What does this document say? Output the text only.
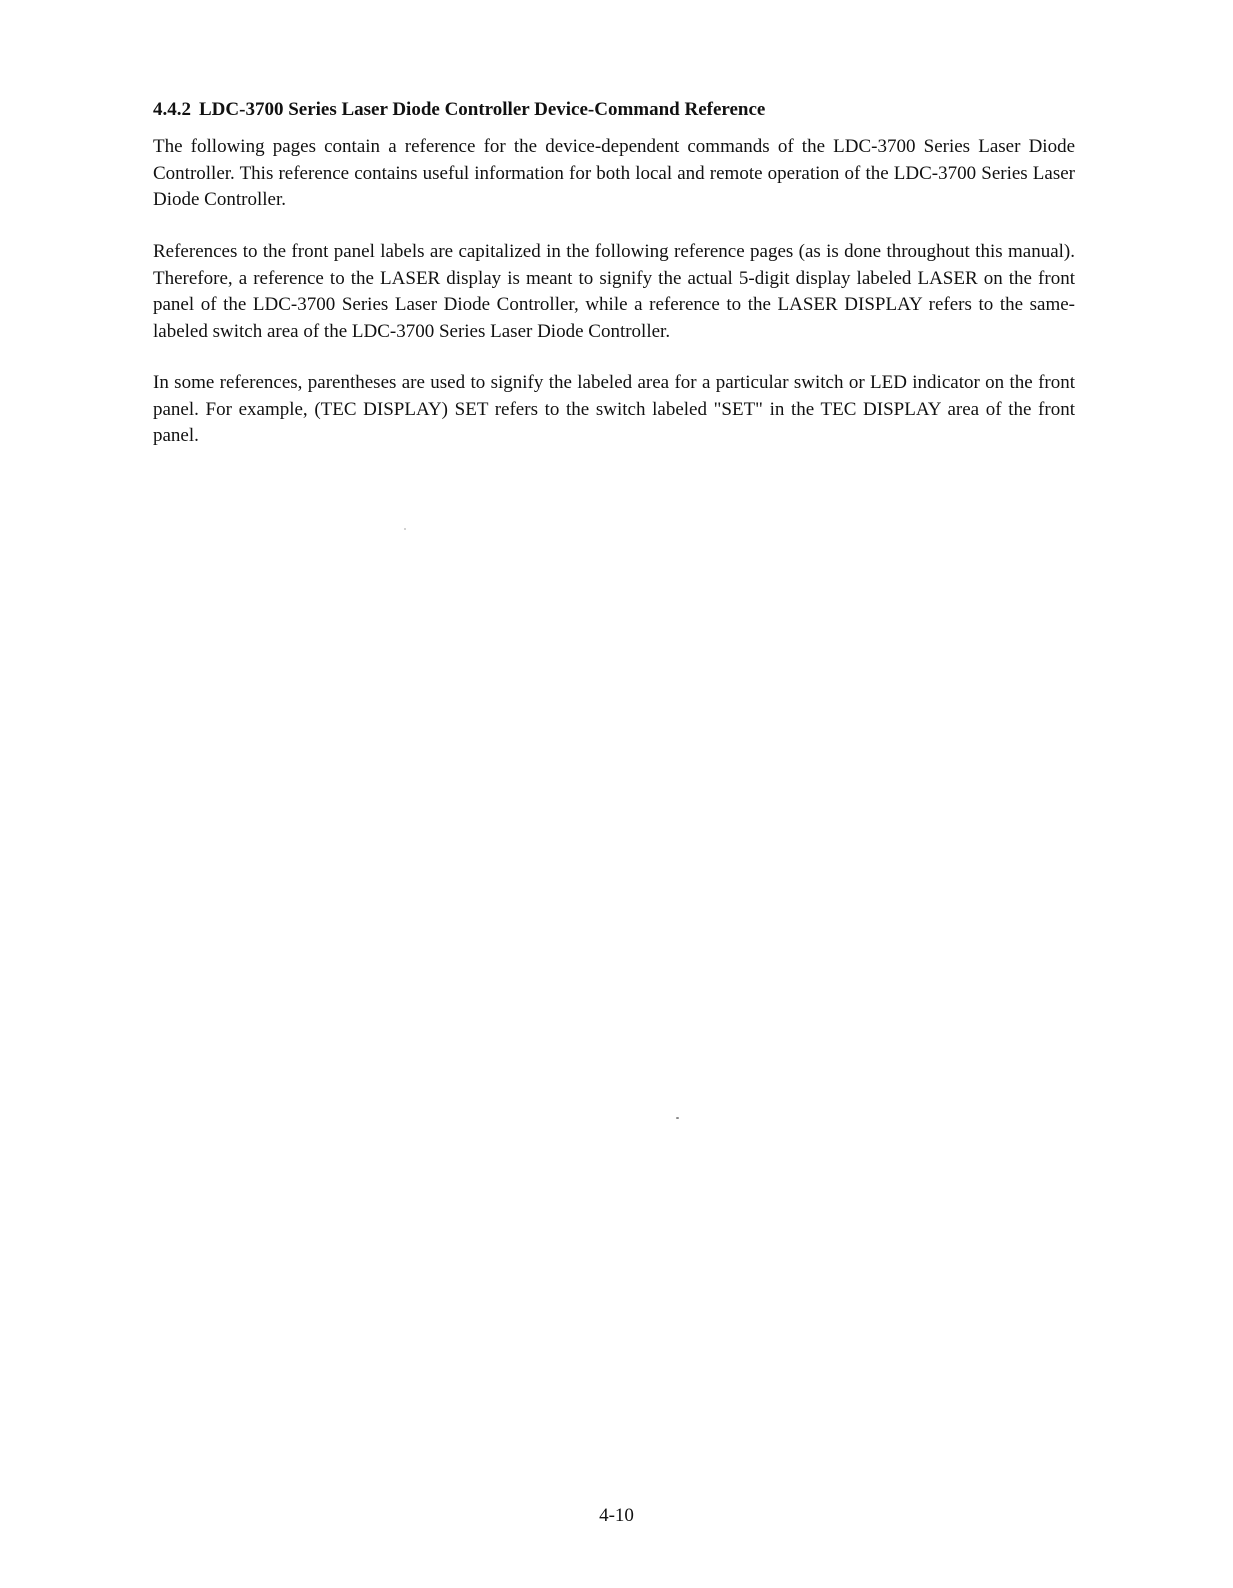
4.4.2 LDC-3700 Series Laser Diode Controller Device-Command Reference

The following pages contain a reference for the device-dependent commands of the LDC-3700 Series Laser Diode Controller. This reference contains useful information for both local and remote operation of the LDC-3700 Series Laser Diode Controller.

References to the front panel labels are capitalized in the following reference pages (as is done throughout this manual). Therefore, a reference to the LASER display is meant to signify the actual 5-digit display labeled LASER on the front panel of the LDC-3700 Series Laser Diode Controller, while a reference to the LASER DISPLAY refers to the same-labeled switch area of the LDC-3700 Series Laser Diode Controller.

In some references, parentheses are used to signify the labeled area for a particular switch or LED indicator on the front panel. For example, (TEC DISPLAY) SET refers to the switch labeled "SET" in the TEC DISPLAY area of the front panel.

4-10
